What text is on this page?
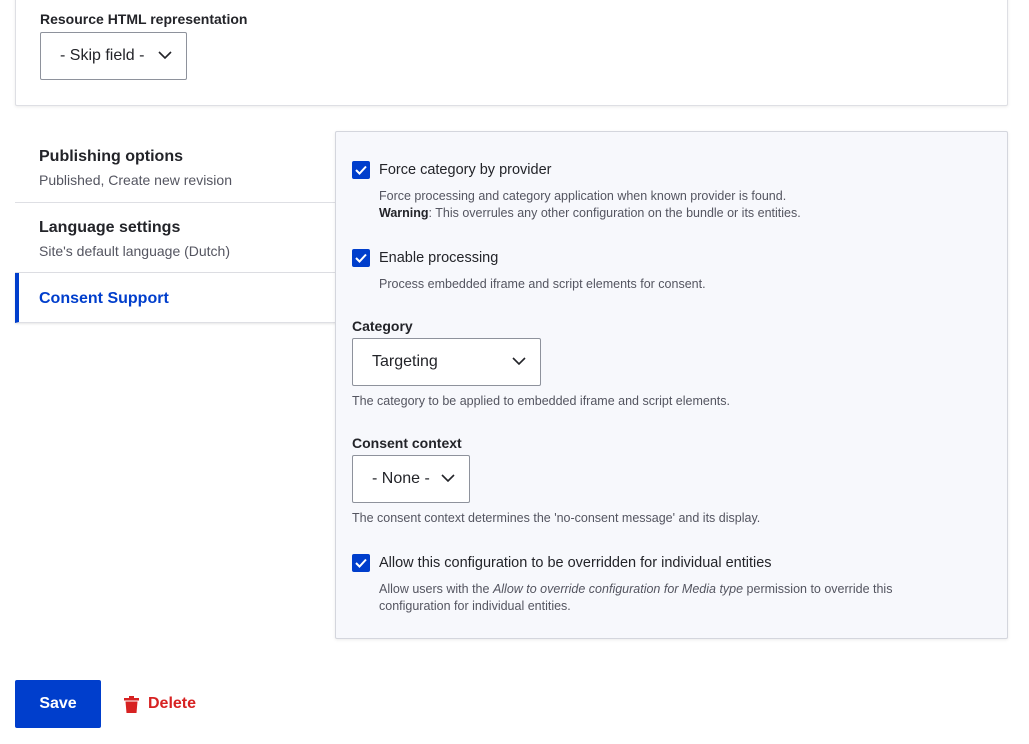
Resource HTML representation
- Skip field -
Publishing options
Published, Create new revision
Language settings
Site's default language (Dutch)
Consent Support
Force category by provider
Force processing and category application when known provider is found.
Warning: This overrules any other configuration on the bundle or its entities.
Enable processing
Process embedded iframe and script elements for consent.
Category
Targeting
The category to be applied to embedded iframe and script elements.
Consent context
- None -
The consent context determines the 'no-consent message' and its display.
Allow this configuration to be overridden for individual entities
Allow users with the Allow to override configuration for Media type permission to override this
configuration for individual entities.
Save	Delete
